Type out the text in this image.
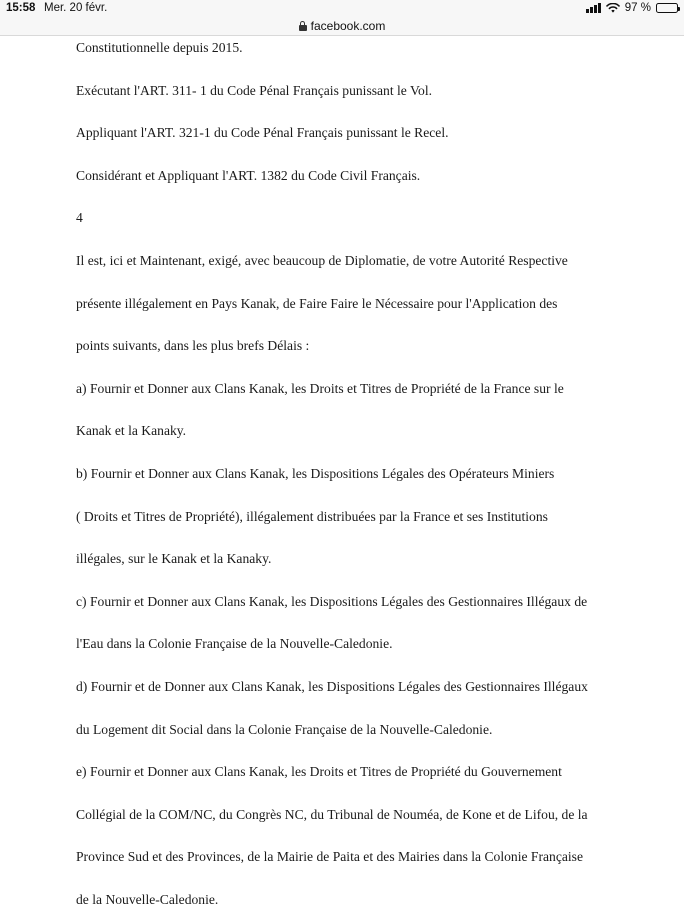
15:58 Mer. 20 févr.	97 %
facebook.com
Constitutionnelle depuis 2015.
Exécutant l'ART. 311- 1 du Code Pénal Français punissant le Vol.
Appliquant l'ART. 321-1 du Code Pénal Français punissant le Recel.
Considérant et Appliquant l'ART. 1382 du Code Civil Français.
4
Il est, ici et Maintenant, exigé, avec beaucoup de Diplomatie, de votre Autorité Respective
présente illégalement en Pays Kanak, de Faire Faire le Nécessaire pour l'Application des
points suivants, dans les plus brefs Délais :
a) Fournir et Donner aux Clans Kanak, les Droits et Titres de Propriété de la France sur le
Kanak et la Kanaky.
b) Fournir et Donner aux Clans Kanak, les Dispositions Légales des Opérateurs Miniers
( Droits et Titres de Propriété), illégalement distribuées par la France et ses Institutions
illégales, sur le Kanak et la Kanaky.
c) Fournir et Donner aux Clans Kanak, les Dispositions Légales des Gestionnaires Illégaux de
l'Eau dans la Colonie Française de la Nouvelle-Caledonie.
d) Fournir et de Donner aux Clans Kanak, les Dispositions Légales des Gestionnaires Illégaux
du Logement dit Social dans la Colonie Française de la Nouvelle-Caledonie.
e) Fournir et Donner aux Clans Kanak, les Droits et Titres de Propriété du Gouvernement
Collégial de la COM/NC, du Congrès NC, du Tribunal de Nouméa, de Kone et de Lifou, de la
Province Sud et des Provinces, de la Mairie de Paita et des Mairies dans la Colonie Française
de la Nouvelle-Caledonie.
